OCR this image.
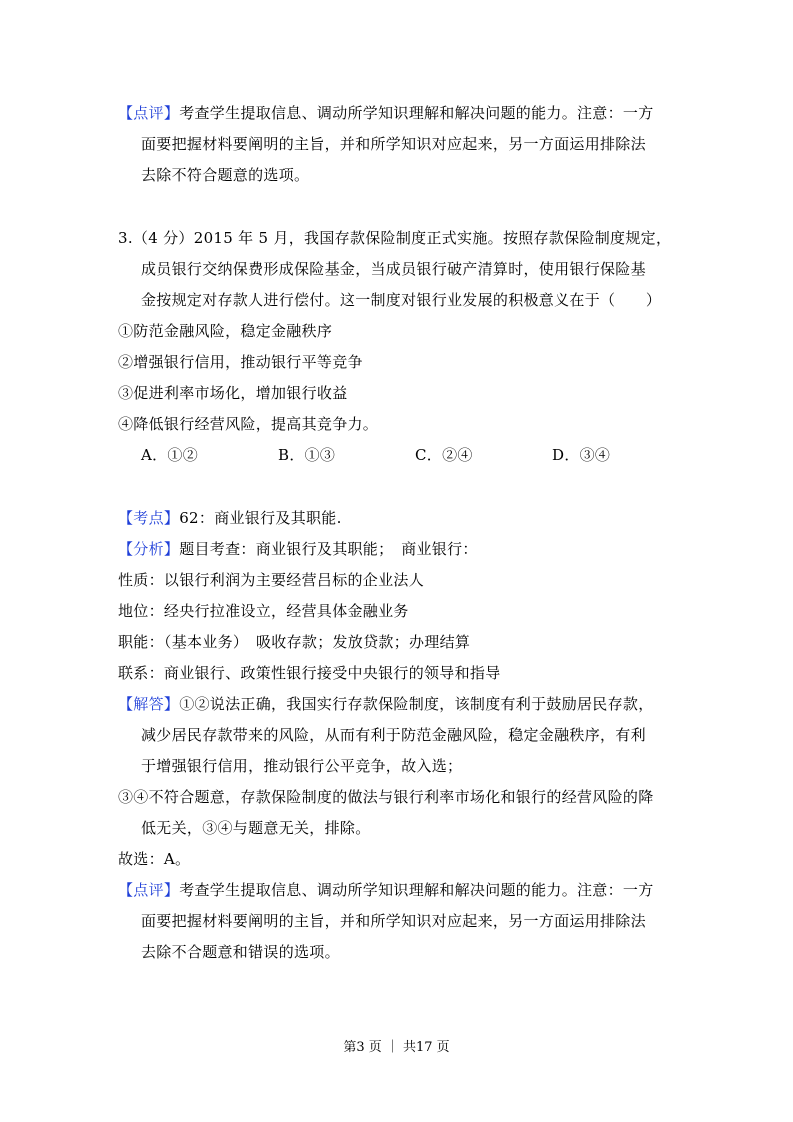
【点评】考查学生提取信息、调动所学知识理解和解决问题的能力。注意：一方
面要把握材料要阐明的主旨，并和所学知识对应起来，另一方面运用排除法
去除不符合题意的选项。
3.（4 分）2015 年 5 月，我国存款保险制度正式实施。按照存款保险制度规定，
成员银行交纳保费形成保险基金，当成员银行破产清算时，使用银行保险基
金按规定对存款人进行偿付。这一制度对银行业发展的积极意义在于（　　）
①防范金融风险，稳定金融秩序
②增强银行信用，推动银行平等竞争
③促进利率市场化，增加银行收益
④降低银行经营风险，提高其竞争力。
A．①②	B．①③	C．②④	D．③④
【考点】62：商业银行及其职能.
【分析】题目考查：商业银行及其职能；　商业银行：
性质：以银行利润为主要经营吕标的企业法人
地位：经央行拉准设立，经营具体金融业务
职能：（基本业务）　吸收存款；发放贷款；办理结算
联系：商业银行、政策性银行接受中央银行的领导和指导
【解答】①②说法正确，我国实行存款保险制度，该制度有利于鼓励居民存款，
减少居民存款带来的风险，从而有利于防范金融风险，稳定金融秩序，有利
于增强银行信用，推动银行公平竞争，故入选；
③④不符合题意，存款保险制度的做法与银行利率市场化和银行的经营风险的降
低无关，③④与题意无关，排除。
故选：A。
【点评】考查学生提取信息、调动所学知识理解和解决问题的能力。注意：一方
面要把握材料要阐明的主旨，并和所学知识对应起来，另一方面运用排除法
去除不合题意和错误的选项。
第3 页 ｜ 共17 页
